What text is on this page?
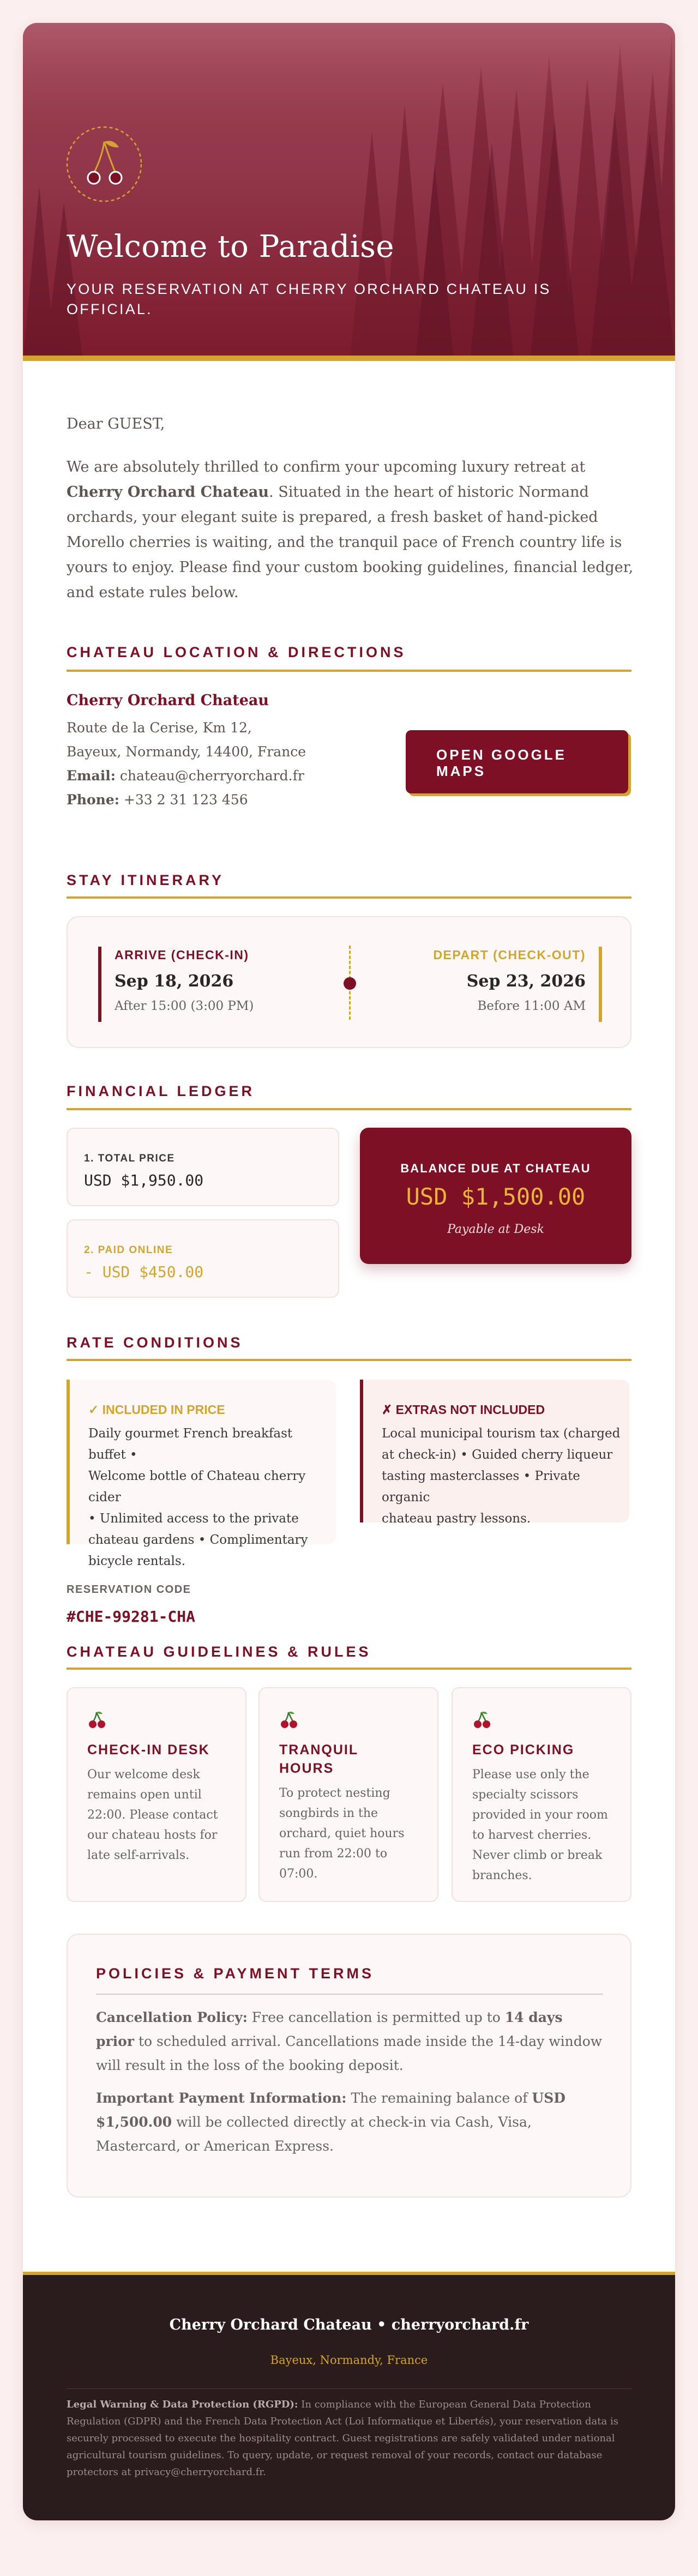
Welcome to Paradise
YOUR RESERVATION AT CHERRY ORCHARD CHATEAU IS OFFICIAL.
Dear GUEST,
We are absolutely thrilled to confirm your upcoming luxury retreat at Cherry Orchard Chateau. Situated in the heart of historic Normand orchards, your elegant suite is prepared, a fresh basket of hand-picked Morello cherries is waiting, and the tranquil pace of French country life is yours to enjoy. Please find your custom booking guidelines, financial ledger, and estate rules below.
CHATEAU LOCATION & DIRECTIONS
Cherry Orchard Chateau
Route de la Cerise, Km 12,
Bayeux, Normandy, 14400, France
Email: chateau@cherryorchard.fr
Phone: +33 2 31 123 456
OPEN GOOGLE MAPS
STAY ITINERARY
ARRIVE (CHECK-IN)
Sep 18, 2026
After 15:00 (3:00 PM)
DEPART (CHECK-OUT)
Sep 23, 2026
Before 11:00 AM
FINANCIAL LEDGER
1. TOTAL PRICE
USD $1,950.00
2. PAID ONLINE
- USD $450.00
BALANCE DUE AT CHATEAU
USD $1,500.00
Payable at Desk
RATE CONDITIONS
✓ INCLUDED IN PRICE
Daily gourmet French breakfast buffet •
Welcome bottle of Chateau cherry cider
• Unlimited access to the private
chateau gardens • Complimentary
bicycle rentals.
✗ EXTRAS NOT INCLUDED
Local municipal tourism tax (charged
at check-in) • Guided cherry liqueur
tasting masterclasses • Private organic
chateau pastry lessons.
RESERVATION CODE
#CHE-99281-CHA
CHATEAU GUIDELINES & RULES
CHECK-IN DESK
Our welcome desk
remains open until
22:00. Please contact
our chateau hosts for
late self-arrivals.
TRANQUIL
HOURS
To protect nesting
songbirds in the
orchard, quiet hours
run from 22:00 to
07:00.
ECO PICKING
Please use only the
specialty scissors
provided in your room
to harvest cherries.
Never climb or break
branches.
POLICIES & PAYMENT TERMS
Cancellation Policy: Free cancellation is permitted up to 14 days prior to scheduled arrival. Cancellations made inside the 14-day window will result in the loss of the booking deposit.
Important Payment Information: The remaining balance of USD $1,500.00 will be collected directly at check-in via Cash, Visa, Mastercard, or American Express.
Cherry Orchard Chateau • cherryorchard.fr
Bayeux, Normandy, France
Legal Warning & Data Protection (RGPD): In compliance with the European General Data Protection Regulation (GDPR) and the French Data Protection Act (Loi Informatique et Libertés), your reservation data is securely processed to execute the hospitality contract. Guest registrations are safely validated under national agricultural tourism guidelines. To query, update, or request removal of your records, contact our database protectors at privacy@cherryorchard.fr.
